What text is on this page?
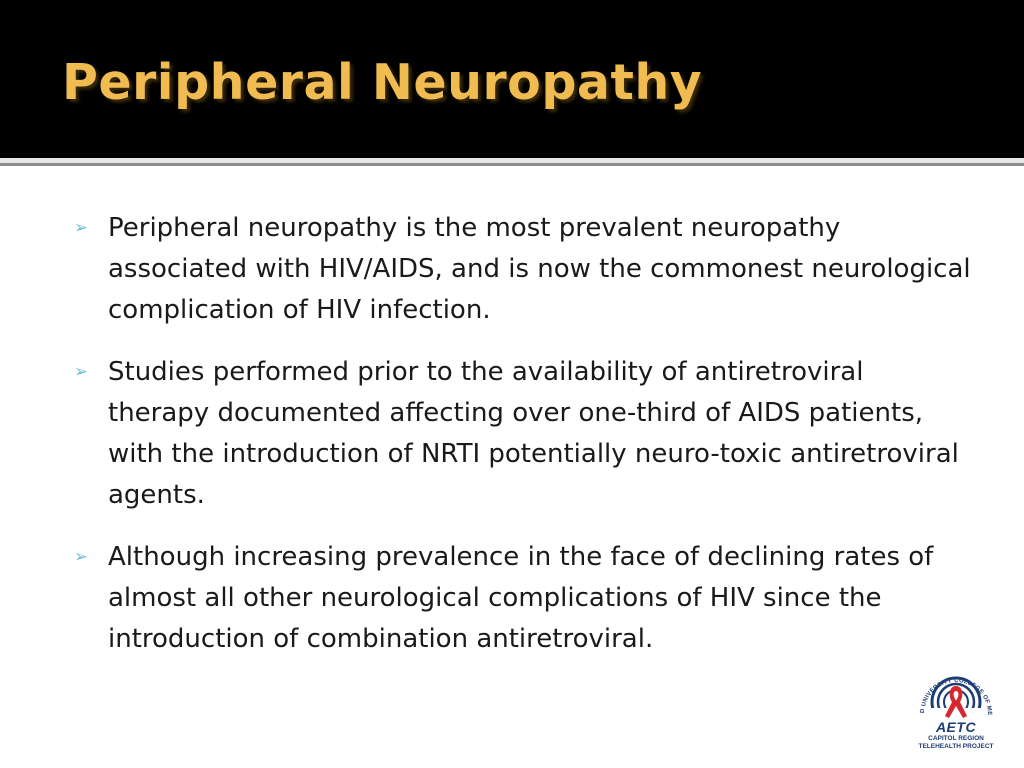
Peripheral Neuropathy
➢ Peripheral neuropathy is the most prevalent neuropathy associated with HIV/AIDS, and is now the commonest neurological complication of HIV infection.
➢ Studies performed prior to the availability of antiretroviral therapy documented affecting over one-third of AIDS patients, with the introduction of NRTI potentially neuro-toxic antiretroviral agents.
➢ Although increasing prevalence in the face of declining rates of almost all other neurological complications of HIV since the introduction of combination antiretroviral.
D UNIVERSITY COLLEGE OF ME
AETC
CAPITOL REGION
TELEHEALTH PROJECT
